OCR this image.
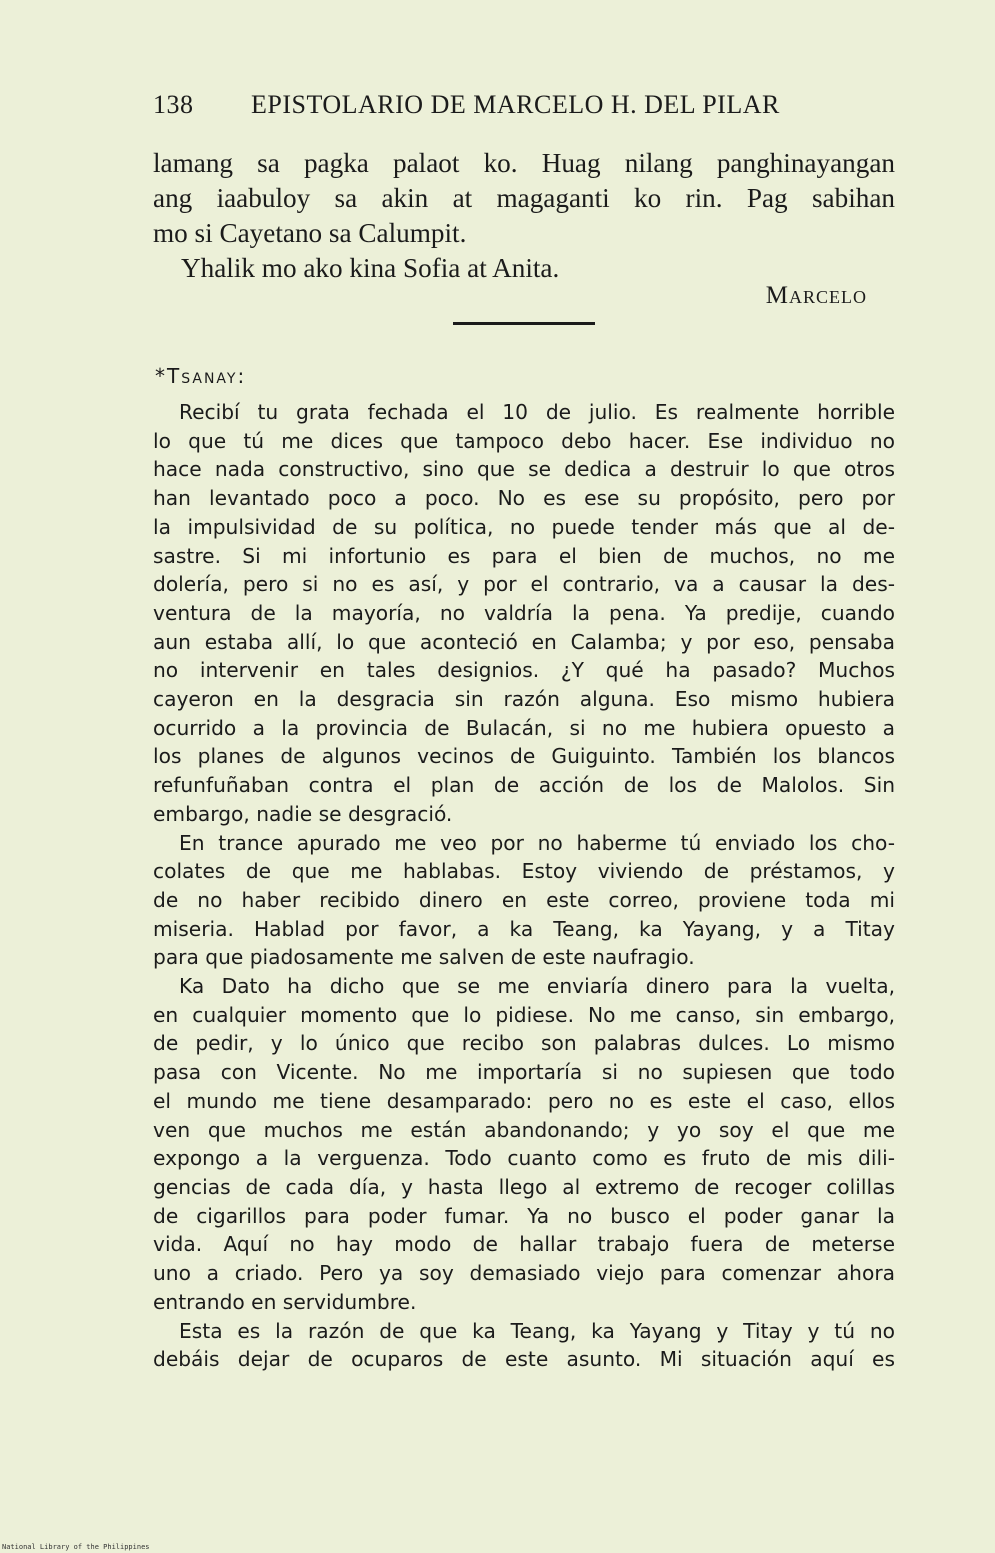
138 EPISTOLARIO DE MARCELO H. DEL PILAR
lamang sa pagka palaot ko. Huag nilang panghinayangan
ang iaabuloy sa akin at magaganti ko rin. Pag sabihan
mo si Cayetano sa Calumpit.
Yhalik mo ako kina Sofia at Anita.
Marcelo
*Tsanay:
Recibí tu grata fechada el 10 de julio. Es realmente horrible
lo que tú me dices que tampoco debo hacer. Ese individuo no
hace nada constructivo, sino que se dedica a destruir lo que otros
han levantado poco a poco. No es ese su propósito, pero por
la impulsividad de su política, no puede tender más que al de-
sastre. Si mi infortunio es para el bien de muchos, no me
dolería, pero si no es así, y por el contrario, va a causar la des-
ventura de la mayoría, no valdría la pena. Ya predije, cuando
aun estaba allí, lo que aconteció en Calamba; y por eso, pensaba
no intervenir en tales designios. ¿Y qué ha pasado? Muchos
cayeron en la desgracia sin razón alguna. Eso mismo hubiera
ocurrido a la provincia de Bulacán, si no me hubiera opuesto a
los planes de algunos vecinos de Guiguinto. También los blancos
refunfuñaban contra el plan de acción de los de Malolos. Sin
embargo, nadie se desgració.
En trance apurado me veo por no haberme tú enviado los cho-
colates de que me hablabas. Estoy viviendo de préstamos, y
de no haber recibido dinero en este correo, proviene toda mi
miseria. Hablad por favor, a ka Teang, ka Yayang, y a Titay
para que piadosamente me salven de este naufragio.
Ka Dato ha dicho que se me enviaría dinero para la vuelta,
en cualquier momento que lo pidiese. No me canso, sin embargo,
de pedir, y lo único que recibo son palabras dulces. Lo mismo
pasa con Vicente. No me importaría si no supiesen que todo
el mundo me tiene desamparado: pero no es este el caso, ellos
ven que muchos me están abandonando; y yo soy el que me
expongo a la verguenza. Todo cuanto como es fruto de mis dili-
gencias de cada día, y hasta llego al extremo de recoger colillas
de cigarillos para poder fumar. Ya no busco el poder ganar la
vida. Aquí no hay modo de hallar trabajo fuera de meterse
uno a criado. Pero ya soy demasiado viejo para comenzar ahora
entrando en servidumbre.
Esta es la razón de que ka Teang, ka Yayang y Titay y tú no
debáis dejar de ocuparos de este asunto. Mi situación aquí es
National Library of the Philippines
